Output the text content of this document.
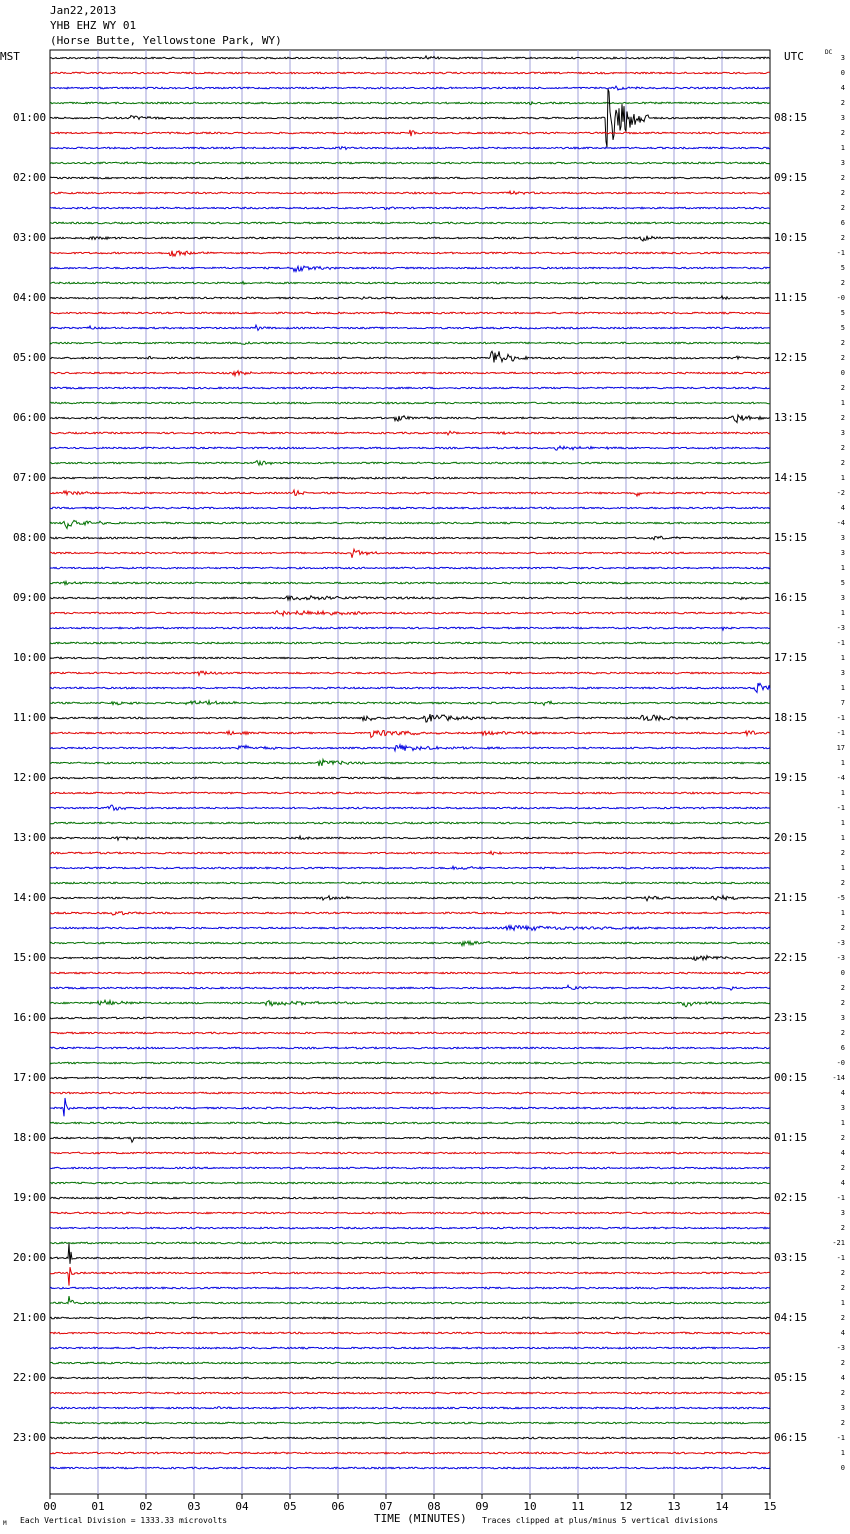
Jan22,2013
YHB EHZ WY 01
(Horse Butte, Yellowstone Park, WY)
MST	UTC	DC
01:00
02:00
03:00
04:00
05:00
06:00
07:00
08:00
09:00
10:00
11:00
12:00
13:00
14:00
15:00
16:00
17:00
18:00
19:00
20:00
21:00
22:00
23:00
08:15
09:15
10:15
11:15
12:15
13:15
14:15
15:15
16:15
17:15
18:15
19:15
20:15
21:15
22:15
23:15
00:15
01:15
02:15
03:15
04:15
05:15
06:15
3
0
4
2
3
2
1
3
2
2
2
6
2
-1
5
2
-0
5
5
2
2
0
2
1
2
3
2
2
1
-2
4
-4
3
3
1
5
3
1
-3
-1
1
3
1
7
-1
-1
17
1
-4
1
-1
1
1
2
1
2
-5
1
2
-3
-3
0
2
2
3
2
6
-0
-14
4
3
1
2
4
2
4
-1
3
2
-21
-1
2
2
1
2
4
-3
2
4
2
3
2
-1
1
0
00	01	02	03	04	05	06	07	08	09	10	11	12	13	14	15
TIME (MINUTES)
Each Vertical Division = 1333.33 microvolts	Traces clipped at plus/minus 5 vertical divisions
M
